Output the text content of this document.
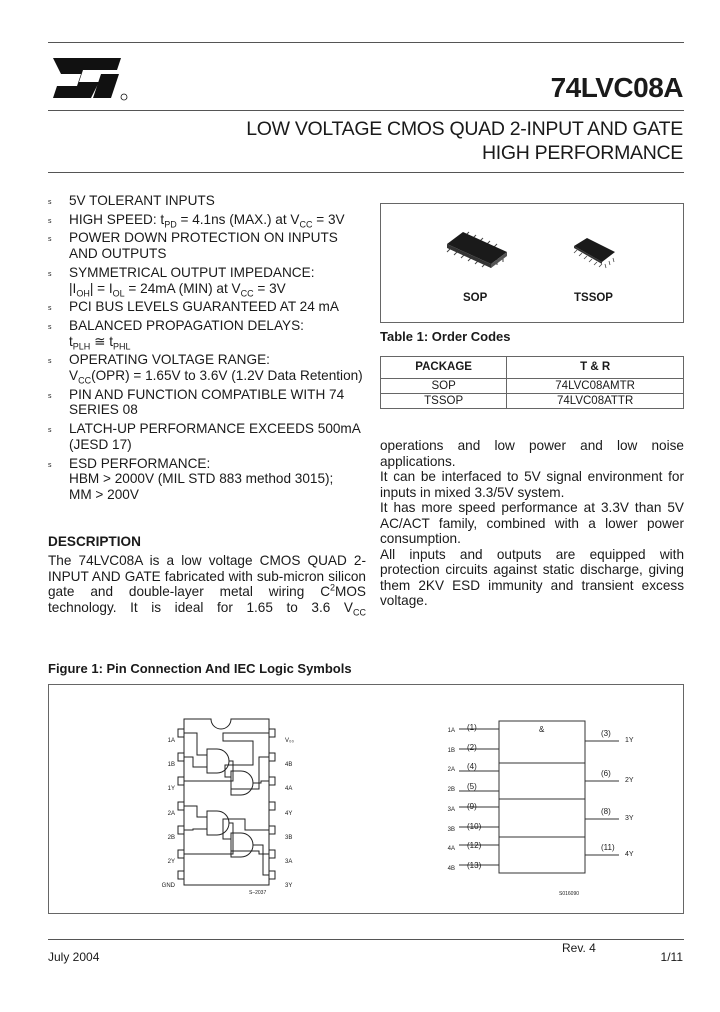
74LVC08A
LOW VOLTAGE CMOS QUAD 2-INPUT AND GATE
HIGH PERFORMANCE
s 5V TOLERANT INPUTS
s HIGH SPEED: $t_{PD} = 4.1ns$ (MAX.) at $V_{CC} = 3V$
s POWER DOWN PROTECTION ON INPUTS AND OUTPUTS
s SYMMETRICAL OUTPUT IMPEDANCE:
$|I_{OH}| = I_{OL} = 24mA$ (MIN) at $V_{CC} = 3V$
s PCI BUS LEVELS GUARANTEED AT 24 mA
s BALANCED PROPAGATION DELAYS:
$t_{PLH}$ ≅ $t_{PHL}$
s OPERATING VOLTAGE RANGE:
$V_{CC}(OPR) = 1.65V$ to 3.6V (1.2V Data Retention)
s PIN AND FUNCTION COMPATIBLE WITH 74 SERIES 08
s LATCH-UP PERFORMANCE EXCEEDS 500mA (JESD 17)
s ESD PERFORMANCE:
HBM > 2000V (MIL STD 883 method 3015);
MM > 200V
DESCRIPTION
The 74LVC08A is a low voltage CMOS QUAD 2-INPUT AND GATE fabricated with sub-micron silicon gate and double-layer metal wiring $C^2MOS$ technology. It is ideal for 1.65 to 3.6 $V_{CC}$
operations and low power and low noise applications.
It can be interfaced to 5V signal environment for inputs in mixed 3.3/5V system.
It has more speed performance at 3.3V than 5V AC/ACT family, combined with a lower power consumption.
All inputs and outputs are equipped with protection circuits against static discharge, giving them 2KV ESD immunity and transient excess voltage.
SOP	TSSOP
Table 1: Order Codes
PACKAGE	T & R
SOP	74LVC08AMTR
TSSOP	74LVC08ATTR
Figure 1: Pin Connection And IEC Logic Symbols
1A
1B
1Y
2A
2B
2Y
GND
V₀₀
4B
4A
4Y
3B
3A
3Y
S–2037
&
1A
1B
2A
2B
3A
3B
4A
4B
(1)
(2)
(4)
(5)
(9)
(10)
(12)
(13)
(3)
(6)
(8)
(11)
1Y
2Y
3Y
4Y
S016090
July 2004
Rev. 4
1/11
